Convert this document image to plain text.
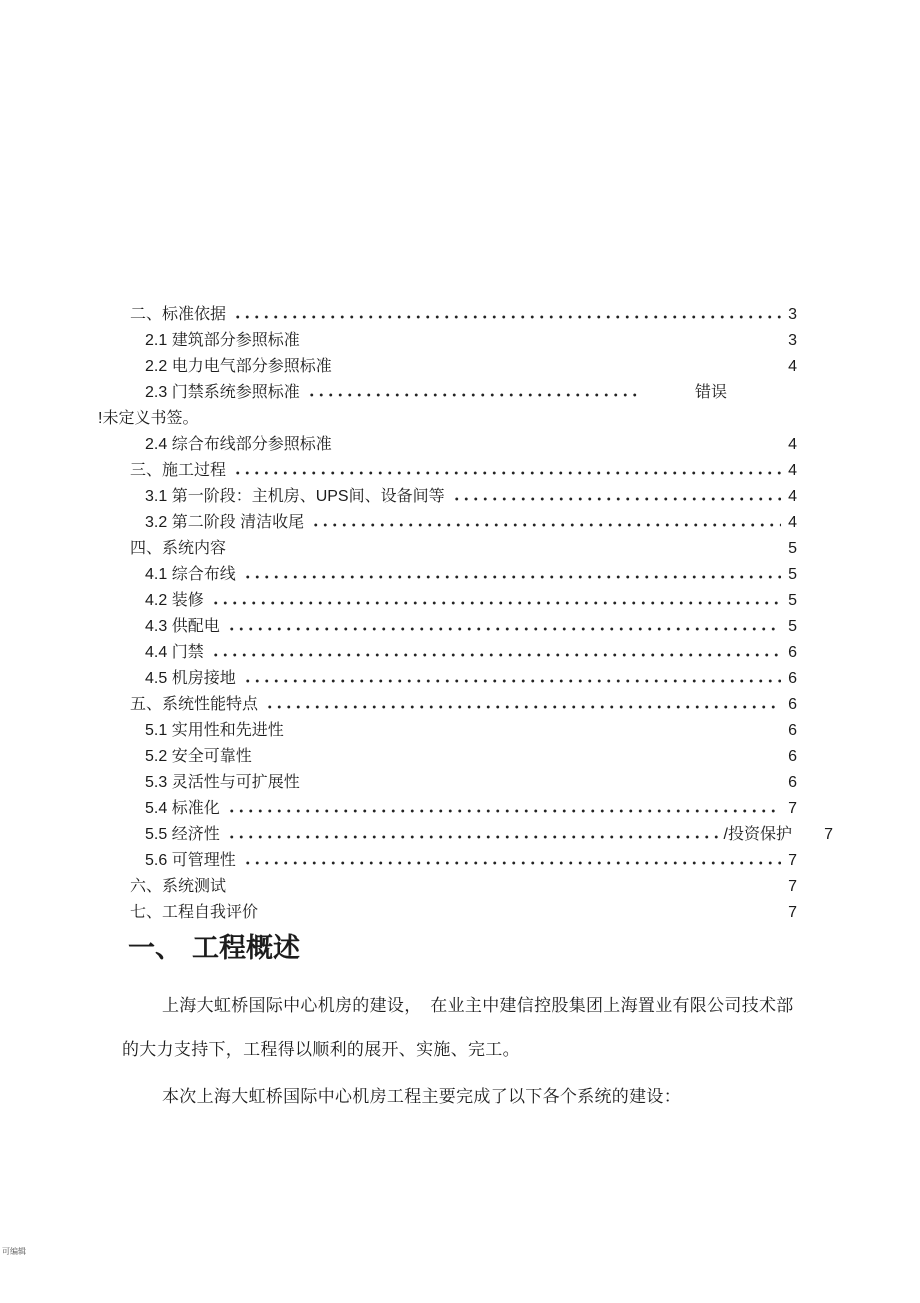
二、标准依据	3
2.1 建筑部分参照标准	3
2.2 电力电气部分参照标准	4
2.3 门禁系统参照标准	错误
!未定义书签。
2.4 综合布线部分参照标准	4
三、施工过程	4
3.1 第一阶段：主机房、UPS间、设备间等	4
3.2 第二阶段 清洁收尾	4
四、系统内容	5
4.1 综合布线	5
4.2 装修	5
4.3 供配电	5
4.4 门禁	6
4.5 机房接地	6
五、系统性能特点	6
5.1 实用性和先进性	6
5.2 安全可靠性	6
5.3 灵活性与可扩展性	6
5.4 标准化	7
5.5 经济性	/投资保护 7
5.6 可管理性	7
六、系统测试	7
七、工程自我评价	7
一、 工程概述
上海大虹桥国际中心机房的建设，　在业主中建信控股集团上海置业有限公司技术部
的大力支持下，工程得以顺利的展开、实施、完工。
本次上海大虹桥国际中心机房工程主要完成了以下各个系统的建设：
可编辑
